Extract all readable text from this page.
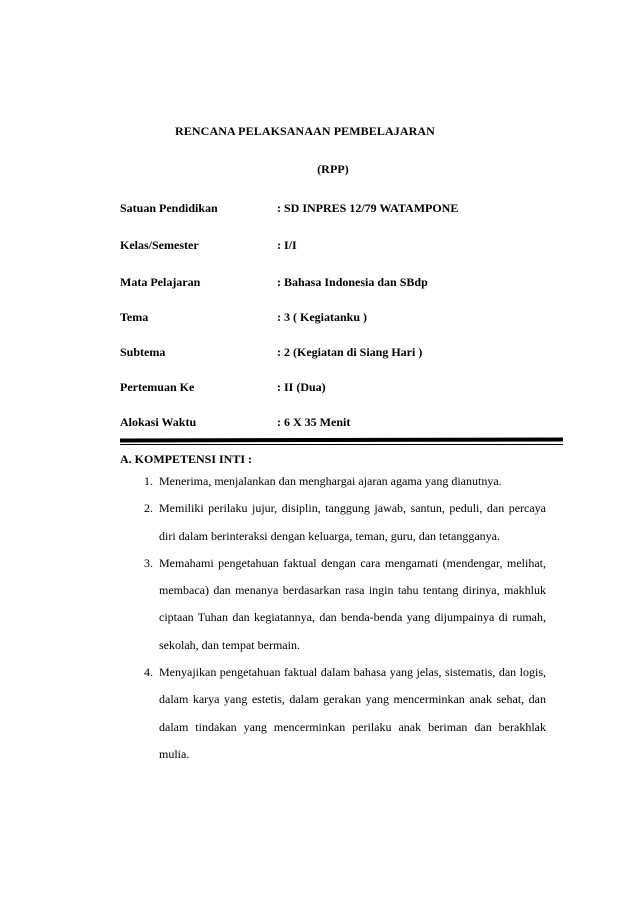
RENCANA PELAKSANAAN PEMBELAJARAN
(RPP)
Satuan Pendidikan	: SD INPRES 12/79 WATAMPONE
Kelas/Semester	: I/I
Mata Pelajaran	: Bahasa Indonesia dan SBdp
Tema	: 3 ( Kegiatanku )
Subtema	: 2 (Kegiatan di Siang Hari )
Pertemuan Ke	: II (Dua)
Alokasi Waktu	: 6 X 35 Menit
A. KOMPETENSI INTI :
1. Menerima, menjalankan dan menghargai ajaran agama yang dianutnya.
2. Memiliki perilaku jujur, disiplin, tanggung jawab, santun, peduli, dan percaya diri dalam berinteraksi dengan keluarga, teman, guru, dan tetangganya.
3. Memahami pengetahuan faktual dengan cara mengamati (mendengar, melihat, membaca) dan menanya berdasarkan rasa ingin tahu tentang dirinya, makhluk ciptaan Tuhan dan kegiatannya, dan benda-benda yang dijumpainya di rumah, sekolah, dan tempat bermain.
4. Menyajikan pengetahuan faktual dalam bahasa yang jelas, sistematis, dan logis, dalam karya yang estetis, dalam gerakan yang mencerminkan anak sehat, dan dalam tindakan yang mencerminkan perilaku anak beriman dan berakhlak mulia.
